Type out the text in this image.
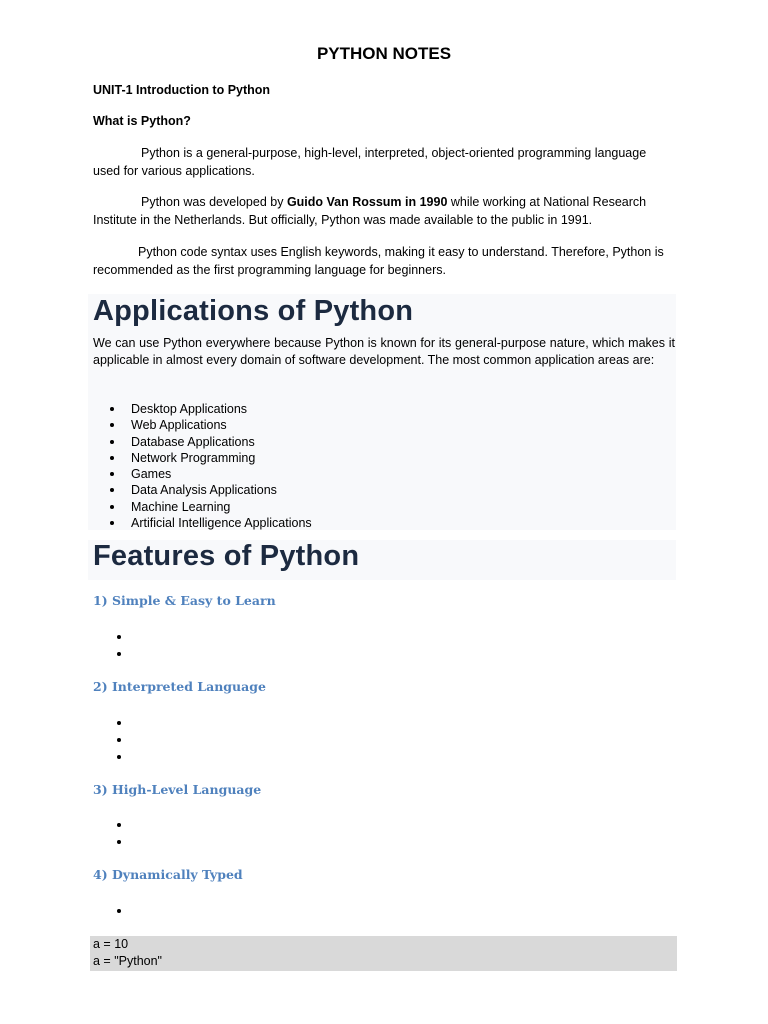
PYTHON NOTES
UNIT-1 Introduction to Python
What is Python?
Python is a general-purpose, high-level, interpreted, object-oriented programming language used for various applications.
Python was developed by Guido Van Rossum in 1990 while working at National Research Institute in the Netherlands. But officially, Python was made available to the public in 1991.
Python code syntax uses English keywords, making it easy to understand. Therefore, Python is recommended as the first programming language for beginners.
Applications of Python
We can use Python everywhere because Python is known for its general-purpose nature, which makes it applicable in almost every domain of software development. The most common application areas are:
Desktop Applications
Web Applications
Database Applications
Network Programming
Games
Data Analysis Applications
Machine Learning
Artificial Intelligence Applications
Features of Python
1) Simple & Easy to Learn
2) Interpreted Language
3) High-Level Language
4) Dynamically Typed
a = 10
a = "Python"
